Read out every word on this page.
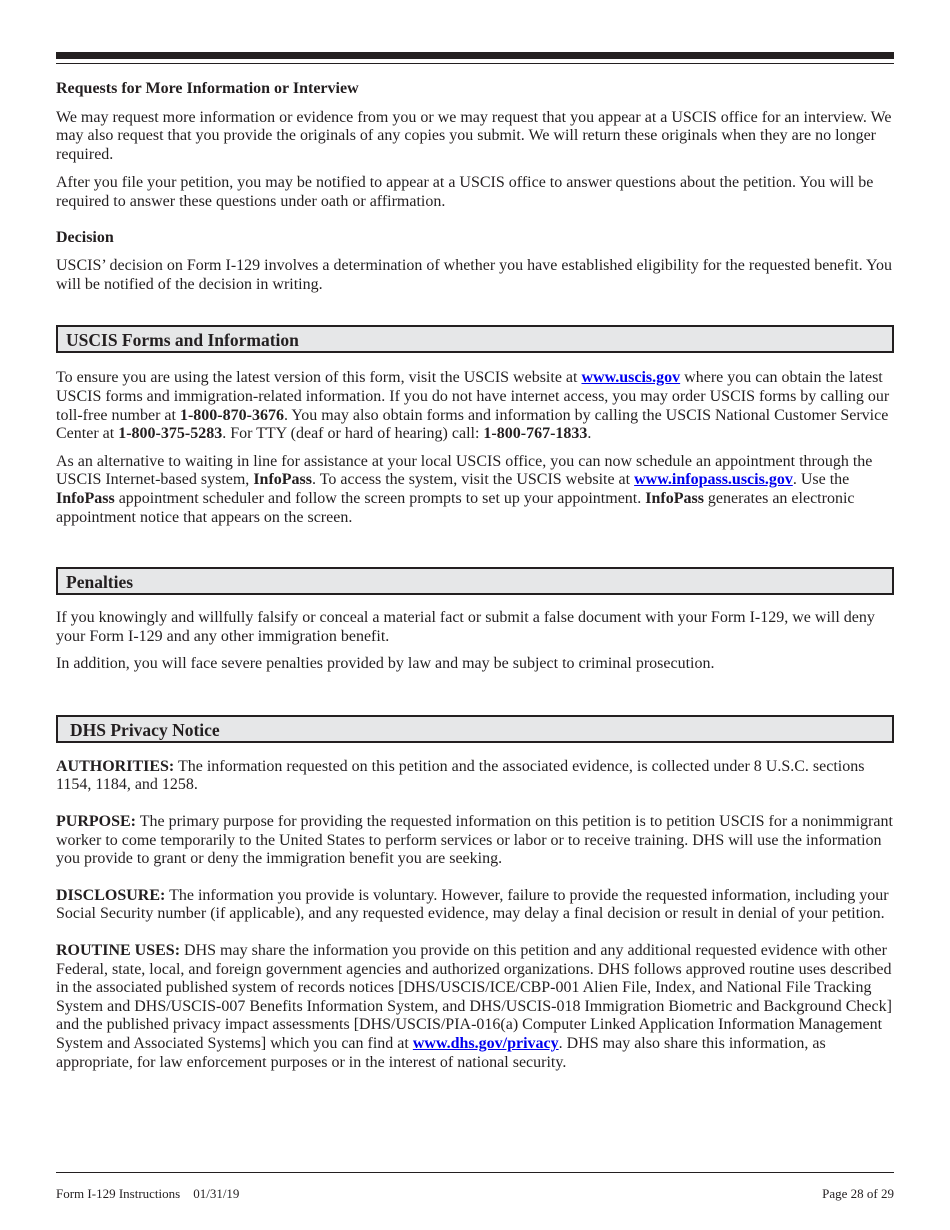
Requests for More Information or Interview

We may request more information or evidence from you or we may request that you appear at a USCIS office for an interview. We may also request that you provide the originals of any copies you submit. We will return these originals when they are no longer required.

After you file your petition, you may be notified to appear at a USCIS office to answer questions about the petition. You will be required to answer these questions under oath or affirmation.

Decision

USCIS’ decision on Form I-129 involves a determination of whether you have established eligibility for the requested benefit. You will be notified of the decision in writing.

USCIS Forms and Information

To ensure you are using the latest version of this form, visit the USCIS website at www.uscis.gov where you can obtain the latest USCIS forms and immigration-related information. If you do not have internet access, you may order USCIS forms by calling our toll-free number at 1-800-870-3676. You may also obtain forms and information by calling the USCIS National Customer Service Center at 1-800-375-5283. For TTY (deaf or hard of hearing) call: 1-800-767-1833.

As an alternative to waiting in line for assistance at your local USCIS office, you can now schedule an appointment through the USCIS Internet-based system, InfoPass. To access the system, visit the USCIS website at www.infopass.uscis.gov. Use the InfoPass appointment scheduler and follow the screen prompts to set up your appointment. InfoPass generates an electronic appointment notice that appears on the screen.

Penalties

If you knowingly and willfully falsify or conceal a material fact or submit a false document with your Form I-129, we will deny your Form I-129 and any other immigration benefit.

In addition, you will face severe penalties provided by law and may be subject to criminal prosecution.

DHS Privacy Notice

AUTHORITIES: The information requested on this petition and the associated evidence, is collected under 8 U.S.C. sections 1154, 1184, and 1258.

PURPOSE: The primary purpose for providing the requested information on this petition is to petition USCIS for a nonimmigrant worker to come temporarily to the United States to perform services or labor or to receive training. DHS will use the information you provide to grant or deny the immigration benefit you are seeking.

DISCLOSURE: The information you provide is voluntary. However, failure to provide the requested information, including your Social Security number (if applicable), and any requested evidence, may delay a final decision or result in denial of your petition.

ROUTINE USES: DHS may share the information you provide on this petition and any additional requested evidence with other Federal, state, local, and foreign government agencies and authorized organizations. DHS follows approved routine uses described in the associated published system of records notices [DHS/USCIS/ICE/CBP-001 Alien File, Index, and National File Tracking System and DHS/USCIS-007 Benefits Information System, and DHS/USCIS-018 Immigration Biometric and Background Check] and the published privacy impact assessments [DHS/USCIS/PIA-016(a) Computer Linked Application Information Management System and Associated Systems] which you can find at www.dhs.gov/privacy. DHS may also share this information, as appropriate, for law enforcement purposes or in the interest of national security.

Form I-129 Instructions    01/31/19	Page 28 of 29
